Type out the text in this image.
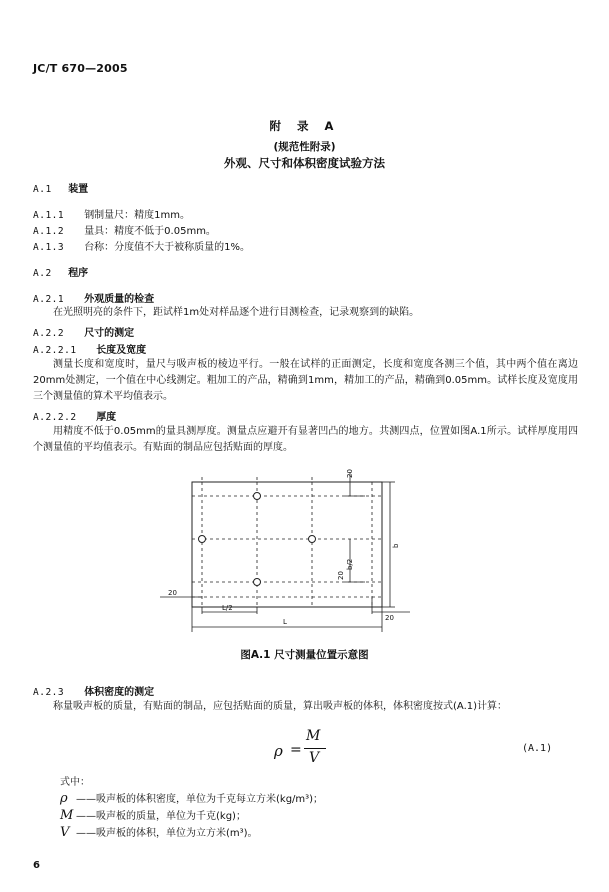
JC/T 670—2005
附 录 A
(规范性附录)
外观、尺寸和体积密度试验方法
A.1 装置
A.1.1 钢制量尺：精度1mm。
A.1.2 量具：精度不低于0.05mm。
A.1.3 台称：分度值不大于被称质量的1%。
A.2 程序
A.2.1 外观质量的检查
在光照明亮的条件下，距试样1m处对样品逐个进行目测检查，记录观察到的缺陷。
A.2.2 尺寸的测定
A.2.2.1 长度及宽度
测量长度和宽度时，量尺与吸声板的棱边平行。一般在试样的正面测定，长度和宽度各测三个值，其中两个值在离边20mm处测定，一个值在中心线测定。粗加工的产品，精确到1mm，精加工的产品，精确到0.05mm。试样长度及宽度用三个测量值的算术平均值表示。
A.2.2.2 厚度
用精度不低于0.05mm的量具测厚度。测量点应避开有显著凹凸的地方。共测四点，位置如图A.1所示。试样厚度用四个测量值的平均值表示。有贴面的制品应包括贴面的厚度。
20
b
b/2
20
20
L/2
20
L
图A.1 尺寸测量位置示意图
A.2.3 体积密度的测定
称量吸声板的质量，有贴面的制品，应包括贴面的质量，算出吸声板的体积，体积密度按式(A.1)计算：
ρ =
M
V
(A.1)
式中：
ρ ——吸声板的体积密度，单位为千克每立方米(kg/m³)；
M ——吸声板的质量，单位为千克(kg)；
V ——吸声板的体积，单位为立方米(m³)。
6
